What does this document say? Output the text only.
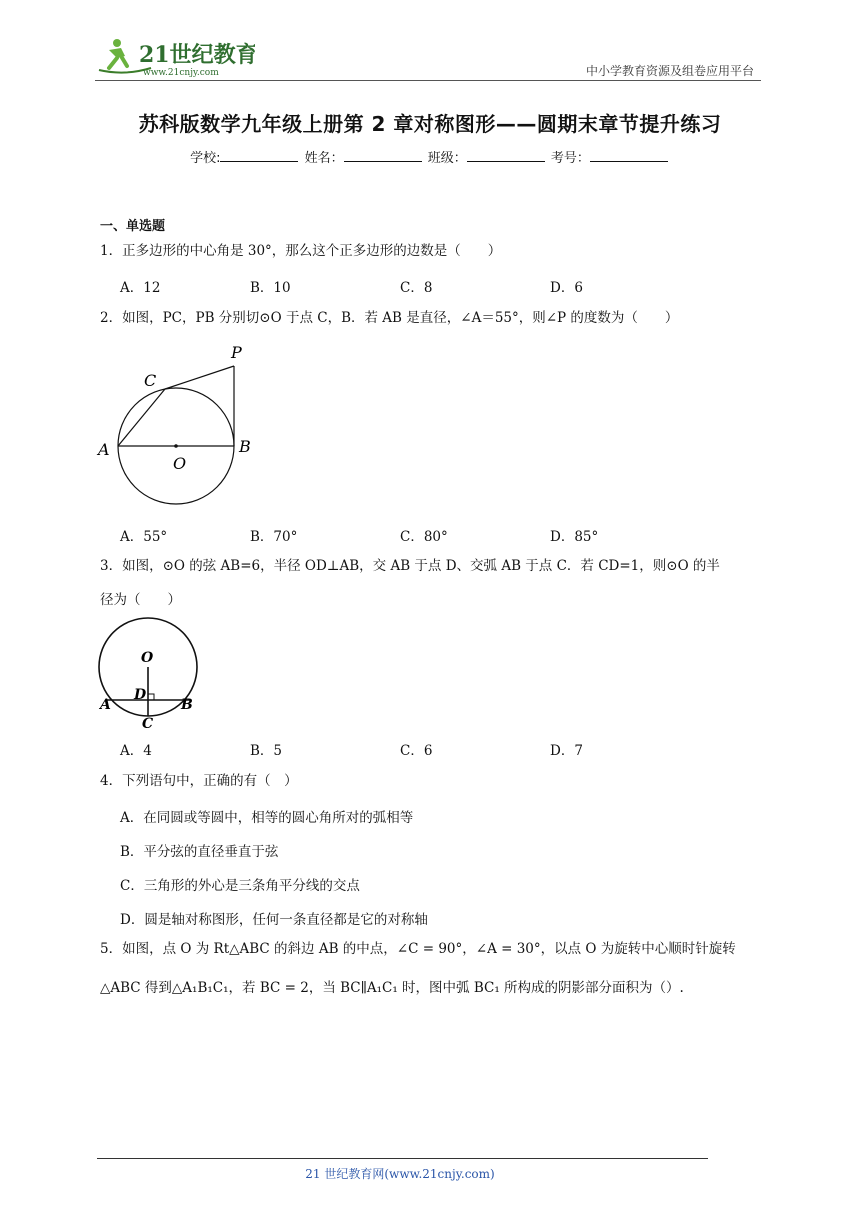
21世纪教育
www.21cnjy.com	中小学教育资源及组卷应用平台
苏科版数学九年级上册第 2 章对称图形——圆期末章节提升练习
学校:	姓名：	班级：	考号：
一、单选题
1．正多边形的中心角是 30°，那么这个正多边形的边数是（　　）
A．12	B．10	C．8	D．6
2．如图，PC，PB 分别切⊙O 于点 C，B．若 AB 是直径，∠A＝55°，则∠P 的度数为（　　）
P
C
A	B
O
A．55°	B．70°	C．80°	D．85°
3．如图，⊙O 的弦 AB=6，半径 OD⊥AB，交 AB 于点 D、交弧 AB 于点 C．若 CD=1，则⊙O 的半
径为（　　）
O
D
A	B
C
A．4	B．5	C．6	D．7
4．下列语句中，正确的有（　）
A．在同圆或等圆中，相等的圆心角所对的弧相等
B．平分弦的直径垂直于弦
C．三角形的外心是三条角平分线的交点
D．圆是轴对称图形，任何一条直径都是它的对称轴
5．如图，点 O 为 Rt△ABC 的斜边 AB 的中点，∠C = 90°，∠A = 30°，以点 O 为旋转中心顺时针旋转
△ABC 得到△A₁B₁C₁，若 BC = 2，当 BC∥A₁C₁ 时，图中弧 BC₁ 所构成的阴影部分面积为（）.
21 世纪教育网(www.21cnjy.com)
